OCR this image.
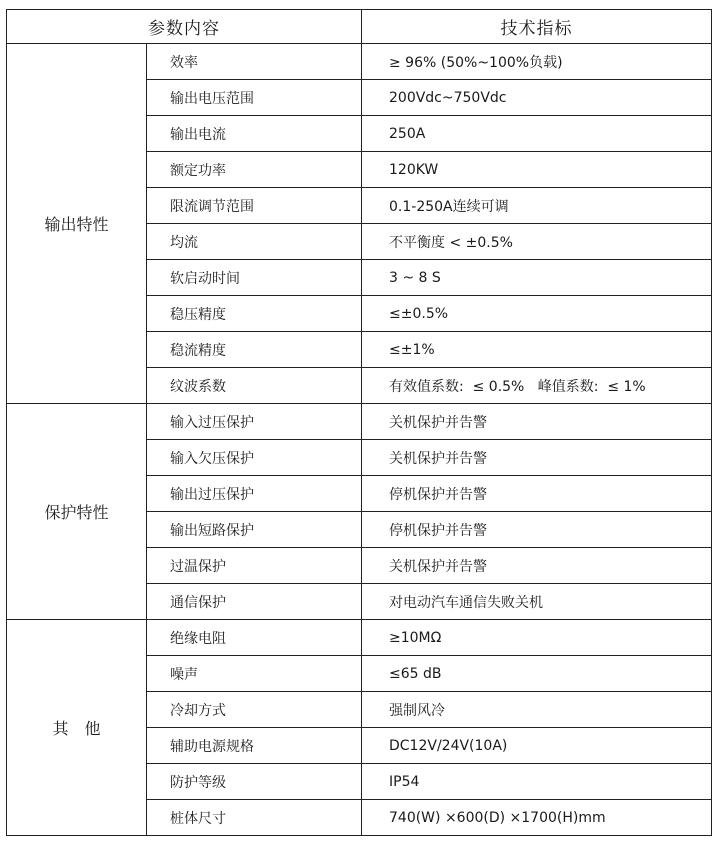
参数内容		技术指标
输出特性	效率	≥ 96% (50%~100%负载)
	输出电压范围	200Vdc~750Vdc
	输出电流	250A
	额定功率	120KW
	限流调节范围	0.1-250A连续可调
	均流	不平衡度 < ±0.5%
	软启动时间	3 ~ 8 S
	稳压精度	≤±0.5%
	稳流精度	≤±1%
	纹波系数	有效值系数:  ≤ 0.5%   峰值系数:  ≤ 1%
保护特性	输入过压保护	关机保护并告警
	输入欠压保护	关机保护并告警
	输出过压保护	停机保护并告警
	输出短路保护	停机保护并告警
	过温保护	关机保护并告警
	通信保护	对电动汽车通信失败关机
其　他	绝缘电阻	≥10MΩ
	噪声	≤65 dB
	冷却方式	强制风冷
	辅助电源规格	DC12V/24V(10A)
	防护等级	IP54
	桩体尺寸	740(W) ×600(D) ×1700(H)mm
